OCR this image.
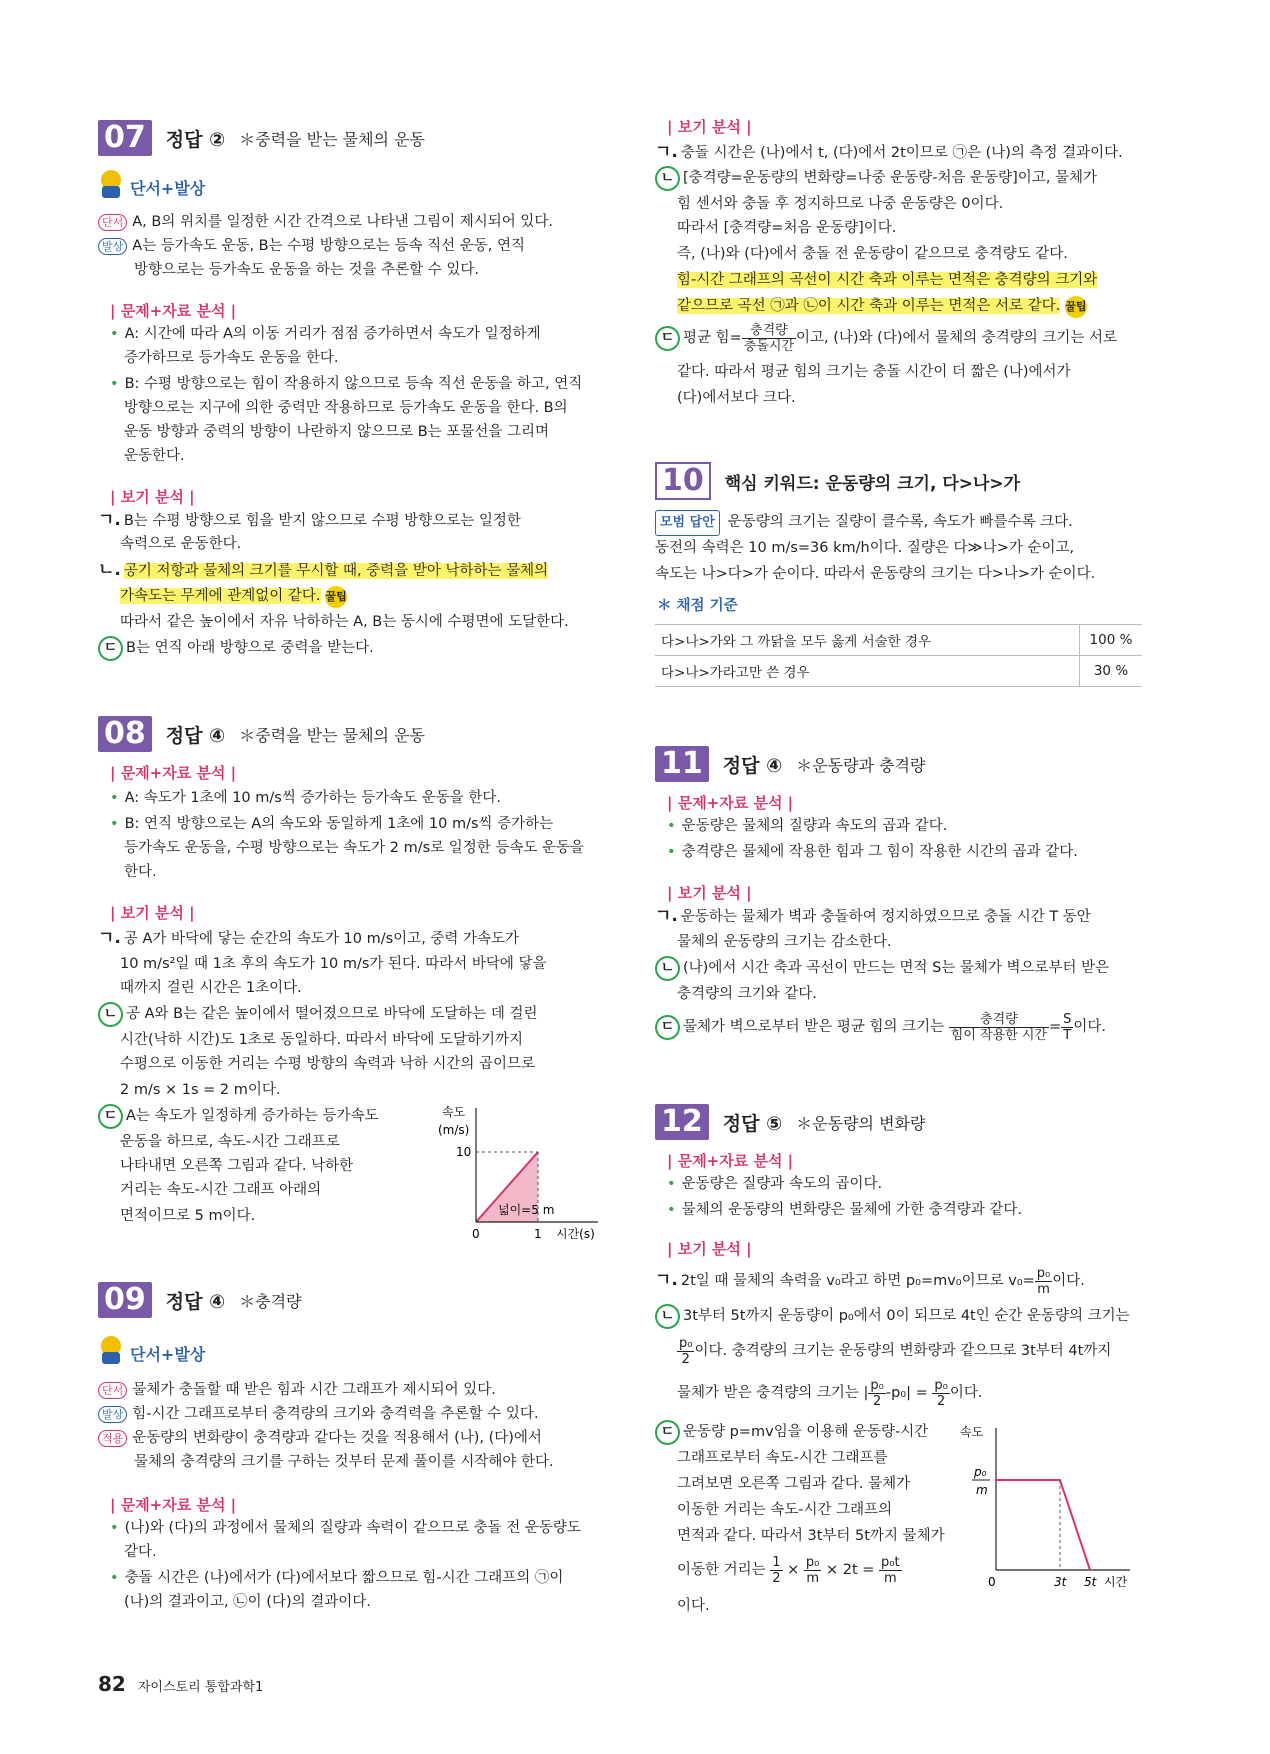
07	정답 ② ＊중력을 받는 물체의 운동
단서+발상
단서 A, B의 위치를 일정한 시간 간격으로 나타낸 그림이 제시되어 있다.
발상 A는 등가속도 운동, B는 수평 방향으로는 등속 직선 운동, 연직
방향으로는 등가속도 운동을 하는 것을 추론할 수 있다.
| 문제+자료 분석 |
• A: 시간에 따라 A의 이동 거리가 점점 증가하면서 속도가 일정하게
증가하므로 등가속도 운동을 한다.
• B: 수평 방향으로는 힘이 작용하지 않으므로 등속 직선 운동을 하고, 연직
방향으로는 지구에 의한 중력만 작용하므로 등가속도 운동을 한다. B의
운동 방향과 중력의 방향이 나란하지 않으므로 B는 포물선을 그리며
운동한다.
| 보기 분석 |
ㄱ. B는 수평 방향으로 힘을 받지 않으므로 수평 방향으로는 일정한
속력으로 운동한다.
ㄴ. 공기 저항과 물체의 크기를 무시할 때, 중력을 받아 낙하하는 물체의
가속도는 무게에 관계없이 같다. 꿀팁
따라서 같은 높이에서 자유 낙하하는 A, B는 동시에 수평면에 도달한다.
ㄷ B는 연직 아래 방향으로 중력을 받는다.
08	정답 ④ ＊중력을 받는 물체의 운동
| 문제+자료 분석 |
• A: 속도가 1초에 10 m/s씩 증가하는 등가속도 운동을 한다.
• B: 연직 방향으로는 A의 속도와 동일하게 1초에 10 m/s씩 증가하는
등가속도 운동을, 수평 방향으로는 속도가 2 m/s로 일정한 등속도 운동을
한다.
| 보기 분석 |
ㄱ. 공 A가 바닥에 닿는 순간의 속도가 10 m/s이고, 중력 가속도가
10 m/s²일 때 1초 후의 속도가 10 m/s가 된다. 따라서 바닥에 닿을
때까지 걸린 시간은 1초이다.
ㄴ 공 A와 B는 같은 높이에서 떨어졌으므로 바닥에 도달하는 데 걸린
시간(낙하 시간)도 1초로 동일하다. 따라서 바닥에 도달하기까지
수평으로 이동한 거리는 수평 방향의 속력과 낙하 시간의 곱이므로
2 m/s × 1s = 2 m이다.
ㄷ A는 속도가 일정하게 증가하는 등가속도
운동을 하므로, 속도-시간 그래프로
나타내면 오른쪽 그림과 같다. 낙하한
거리는 속도-시간 그래프 아래의
면적이므로 5 m이다.
속도
(m/s)
10
넓이=5 m
0	1 시간(s)
09	정답 ④ ＊충격량
단서+발상
단서 물체가 충돌할 때 받은 힘과 시간 그래프가 제시되어 있다.
발상 힘-시간 그래프로부터 충격량의 크기와 충격력을 추론할 수 있다.
적용 운동량의 변화량이 충격량과 같다는 것을 적용해서 (나), (다)에서
물체의 충격량의 크기를 구하는 것부터 문제 풀이를 시작해야 한다.
| 문제+자료 분석 |
• (나)와 (다)의 과정에서 물체의 질량과 속력이 같으므로 충돌 전 운동량도
같다.
• 충돌 시간은 (나)에서가 (다)에서보다 짧으므로 힘-시간 그래프의 ㉠이
(나)의 결과이고, ㉡이 (다)의 결과이다.
| 보기 분석 |
ㄱ. 충돌 시간은 (나)에서 t, (다)에서 2t이므로 ㉠은 (나)의 측정 결과이다.
ㄴ [충격량=운동량의 변화량=나중 운동량-처음 운동량]이고, 물체가
힘 센서와 충돌 후 정지하므로 나중 운동량은 0이다.
따라서 [충격량=처음 운동량]이다.
즉, (나)와 (다)에서 충돌 전 운동량이 같으므로 충격량도 같다.
힘-시간 그래프의 곡선이 시간 축과 이루는 면적은 충격량의 크기와
같으므로 곡선 ㉠과 ㉡이 시간 축과 이루는 면적은 서로 같다. 꿀팁
ㄷ 평균 힘= $\frac{\text{충격량}}{\text{충돌시간}}$ 이고, (나)와 (다)에서 물체의 충격량의 크기는 서로
같다. 따라서 평균 힘의 크기는 충돌 시간이 더 짧은 (나)에서가
(다)에서보다 크다.
10	핵심 키워드: 운동량의 크기, 다>나>가
모범 답안 운동량의 크기는 질량이 클수록, 속도가 빠를수록 크다.
동전의 속력은 10 m/s=36 km/h이다. 질량은 다≫나>가 순이고,
속도는 나>다>가 순이다. 따라서 운동량의 크기는 다>나>가 순이다.
＊ 채점 기준
다>나>가와 그 까닭을 모두 옳게 서술한 경우	100 %
다>나>가라고만 쓴 경우	30 %
11	정답 ④ ＊운동량과 충격량
| 문제+자료 분석 |
• 운동량은 물체의 질량과 속도의 곱과 같다.
• 충격량은 물체에 작용한 힘과 그 힘이 작용한 시간의 곱과 같다.
| 보기 분석 |
ㄱ. 운동하는 물체가 벽과 충돌하여 정지하였으므로 충돌 시간 T 동안
물체의 운동량의 크기는 감소한다.
ㄴ (나)에서 시간 축과 곡선이 만드는 면적 S는 물체가 벽으로부터 받은
충격량의 크기와 같다.
ㄷ 물체가 벽으로부터 받은 평균 힘의 크기는 $\frac{\text{충격량}}{\text{힘이 작용한 시간}} = \frac{S}{T}$ 이다.
12	정답 ⑤ ＊운동량의 변화량
| 문제+자료 분석 |
• 운동량은 질량과 속도의 곱이다.
• 물체의 운동량의 변화량은 물체에 가한 충격량과 같다.
| 보기 분석 |
ㄱ. 2t일 때 물체의 속력을 v₀라고 하면 p₀=mv₀이므로 $v_0= \frac{\text{p₀}}{m}$ 이다.
ㄴ 3t부터 5t까지 운동량이 p₀에서 0이 되므로 4t인 순간 운동량의 크기는
$\frac{\text{p₀}}{2}$ 이다. 충격량의 크기는 운동량의 변화량과 같으므로 3t부터 4t까지
물체가 받은 충격량의 크기는 | $\frac{\text{p₀}}{2} -p_0| = \frac{\text{p₀}}{2}$ 이다.
ㄷ 운동량 p=mv임을 이용해 운동량-시간
그래프로부터 속도-시간 그래프를
그려보면 오른쪽 그림과 같다. 물체가
이동한 거리는 속도-시간 그래프의
면적과 같다. 따라서 3t부터 5t까지 물체가
이동한 거리는 $\frac{1}{2} \times \frac{\text{p₀}}{m} \times 2t = \frac{\text{p₀t}}{m}$
이다.
속도
p₀
m
0	3t 5t 시간
82 자이스토리 통합과학1
